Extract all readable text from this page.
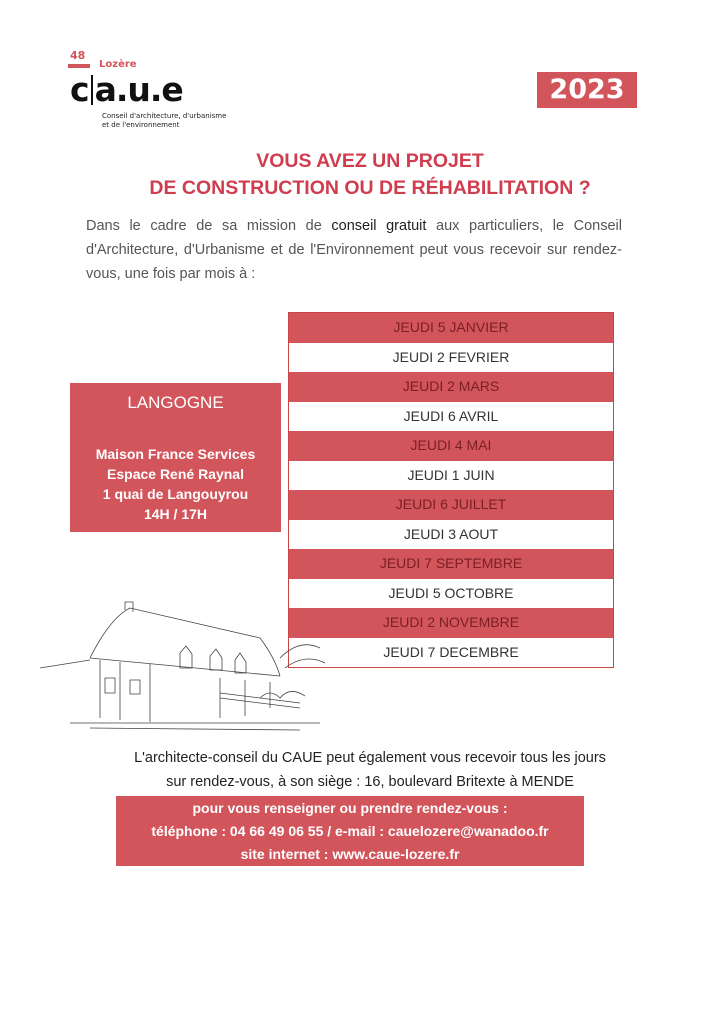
48
Lozère
c a.u.e
Conseil d'architecture, d'urbanisme
et de l'environnement
2023
VOUS AVEZ UN PROJET
DE CONSTRUCTION OU DE RÉHABILITATION ?
Dans le cadre de sa mission de conseil gratuit aux particuliers, le Conseil d'Architecture, d'Urbanisme et de l'Environnement peut vous recevoir sur rendez-vous, une fois par mois à :
LANGOGNE
Maison France Services
Espace René Raynal
1 quai de Langouyrou
14H / 17H
JEUDI 5 JANVIER
JEUDI 2 FEVRIER
JEUDI 2 MARS
JEUDI 6 AVRIL
JEUDI 4 MAI
JEUDI 1 JUIN
JEUDI 6 JUILLET
JEUDI 3 AOUT
JEUDI 7 SEPTEMBRE
JEUDI 5 OCTOBRE
JEUDI 2 NOVEMBRE
JEUDI 7 DECEMBRE
L'architecte-conseil du CAUE peut également vous recevoir tous les jours
sur rendez-vous, à son siège : 16, boulevard Britexte à MENDE
pour vous renseigner ou prendre rendez-vous :
téléphone : 04 66 49 06 55 / e-mail : cauelozere@wanadoo.fr
site internet : www.caue-lozere.fr
